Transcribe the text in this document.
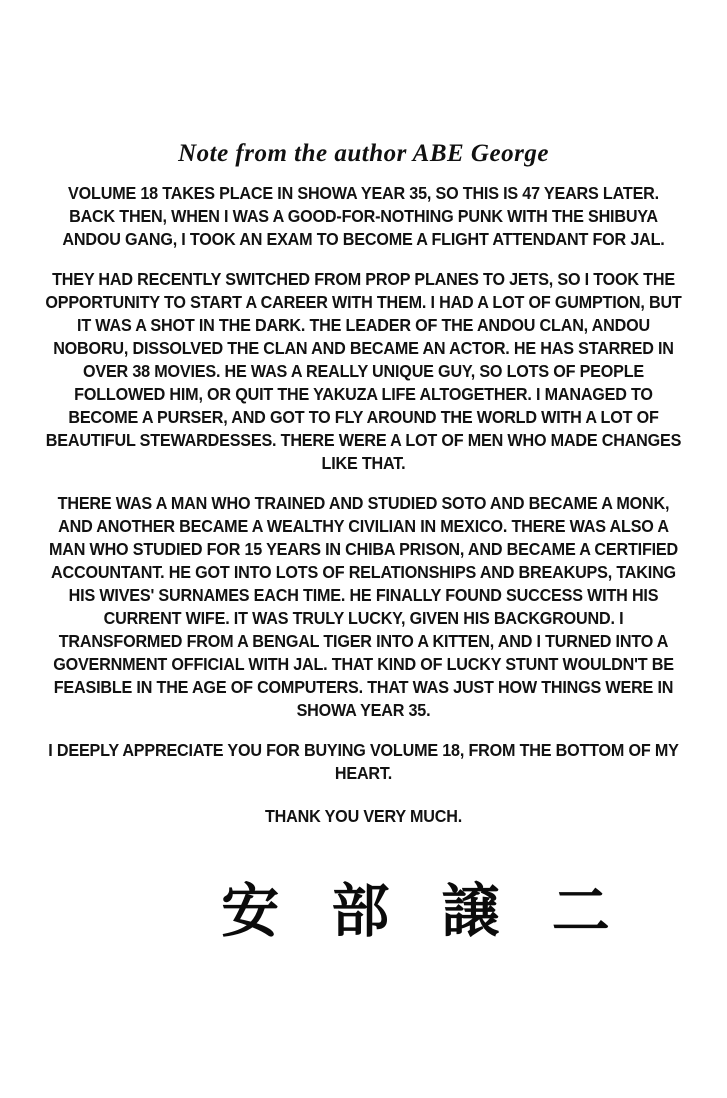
Note from the author ABE George

VOLUME 18 TAKES PLACE IN SHOWA YEAR 35, SO THIS IS 47 YEARS LATER. BACK THEN, WHEN I WAS A GOOD-FOR-NOTHING PUNK WITH THE SHIBUYA ANDOU GANG, I TOOK AN EXAM TO BECOME A FLIGHT ATTENDANT FOR JAL.

THEY HAD RECENTLY SWITCHED FROM PROP PLANES TO JETS, SO I TOOK THE OPPORTUNITY TO START A CAREER WITH THEM. I HAD A LOT OF GUMPTION, BUT IT WAS A SHOT IN THE DARK. THE LEADER OF THE ANDOU CLAN, ANDOU NOBORU, DISSOLVED THE CLAN AND BECAME AN ACTOR. HE HAS STARRED IN OVER 38 MOVIES. HE WAS A REALLY UNIQUE GUY, SO LOTS OF PEOPLE FOLLOWED HIM, OR QUIT THE YAKUZA LIFE ALTOGETHER. I MANAGED TO BECOME A PURSER, AND GOT TO FLY AROUND THE WORLD WITH A LOT OF BEAUTIFUL STEWARDESSES. THERE WERE A LOT OF MEN WHO MADE CHANGES LIKE THAT.

THERE WAS A MAN WHO TRAINED AND STUDIED SOTO AND BECAME A MONK, AND ANOTHER BECAME A WEALTHY CIVILIAN IN MEXICO. THERE WAS ALSO A MAN WHO STUDIED FOR 15 YEARS IN CHIBA PRISON, AND BECAME A CERTIFIED ACCOUNTANT. HE GOT INTO LOTS OF RELATIONSHIPS AND BREAKUPS, TAKING HIS WIVES' SURNAMES EACH TIME. HE FINALLY FOUND SUCCESS WITH HIS CURRENT WIFE. IT WAS TRULY LUCKY, GIVEN HIS BACKGROUND. I TRANSFORMED FROM A BENGAL TIGER INTO A KITTEN, AND I TURNED INTO A GOVERNMENT OFFICIAL WITH JAL. THAT KIND OF LUCKY STUNT WOULDN'T BE FEASIBLE IN THE AGE OF COMPUTERS. THAT WAS JUST HOW THINGS WERE IN SHOWA YEAR 35.

I DEEPLY APPRECIATE YOU FOR BUYING VOLUME 18, FROM THE BOTTOM OF MY HEART.

THANK YOU VERY MUCH.

安 部 譲 二
